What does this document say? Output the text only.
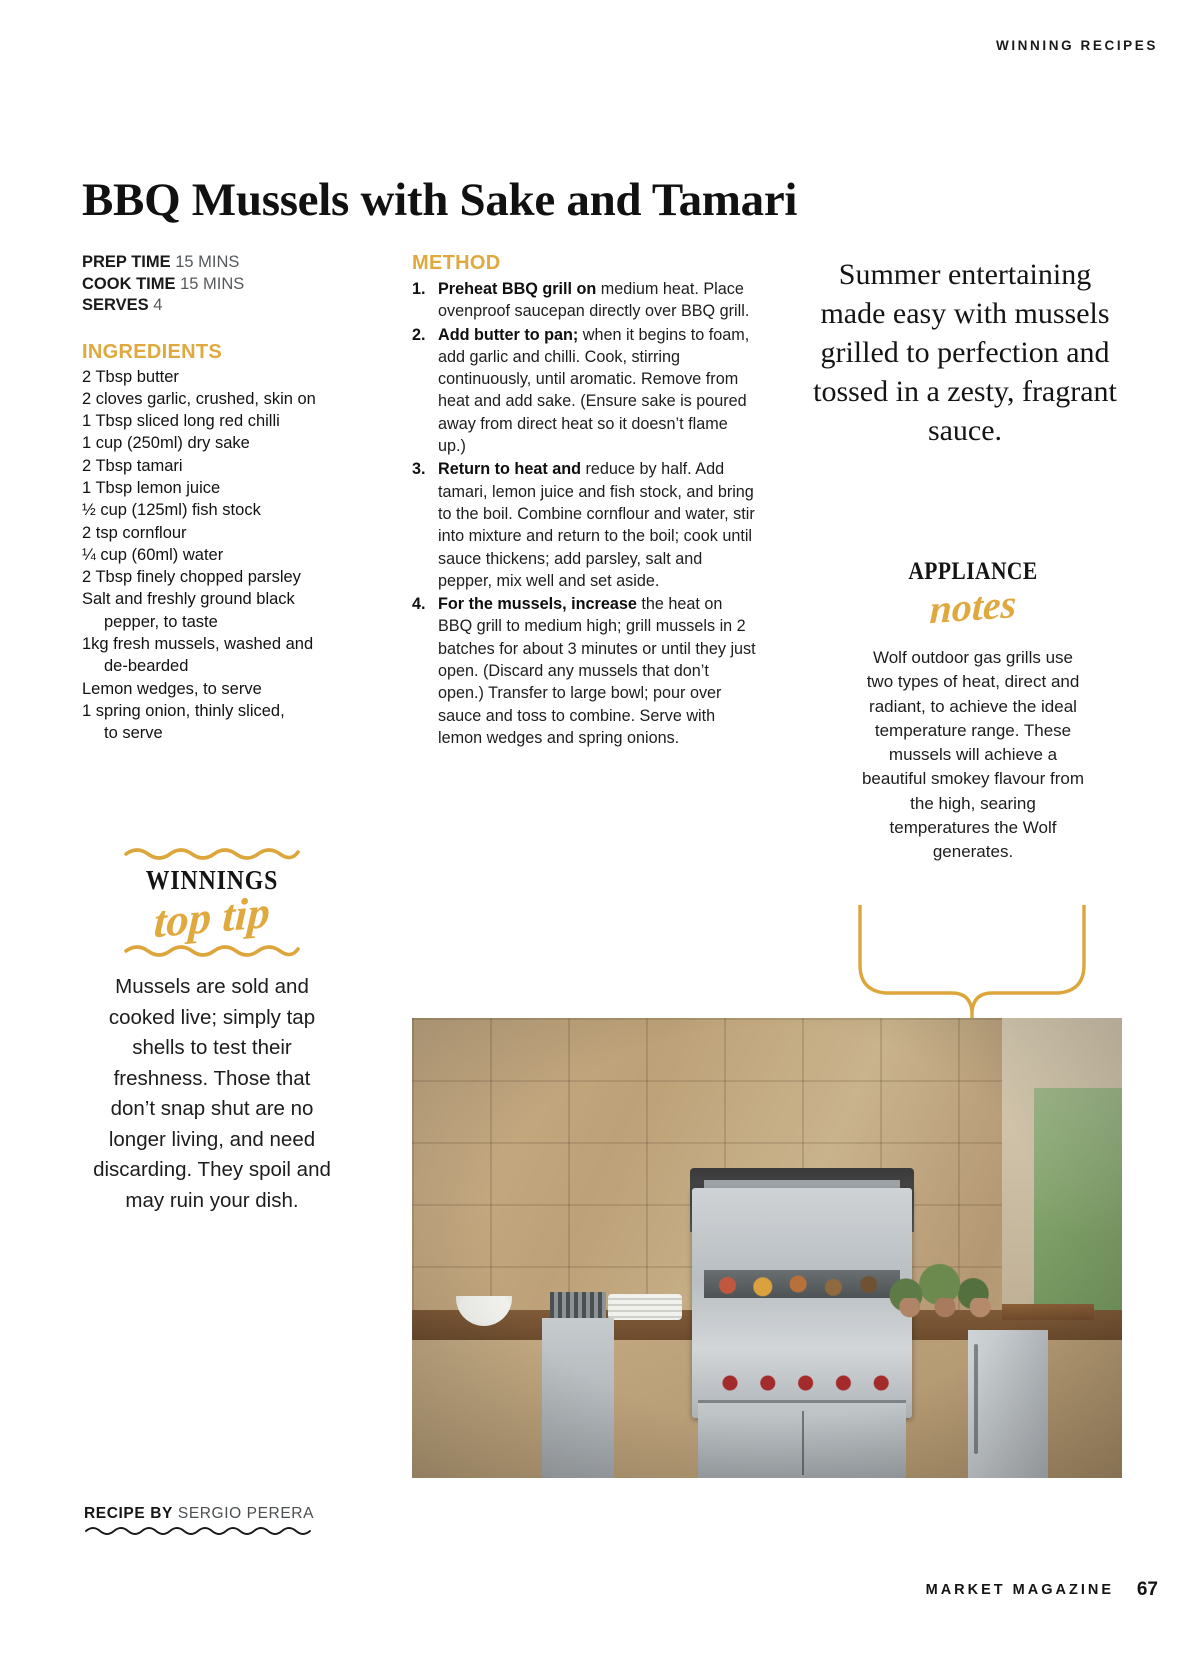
WINNING RECIPES
BBQ Mussels with Sake and Tamari
PREP TIME 15 MINS
COOK TIME 15 MINS
SERVES 4
INGREDIENTS
2 Tbsp butter
2 cloves garlic, crushed, skin on
1 Tbsp sliced long red chilli
1 cup (250ml) dry sake
2 Tbsp tamari
1 Tbsp lemon juice
½ cup (125ml) fish stock
2 tsp cornflour
¼ cup (60ml) water
2 Tbsp finely chopped parsley
Salt and freshly ground black
pepper, to taste
1kg fresh mussels, washed and
de-bearded
Lemon wedges, to serve
1 spring onion, thinly sliced,
to serve
METHOD
1. Preheat BBQ grill on medium heat. Place ovenproof saucepan directly over BBQ grill.
2. Add butter to pan; when it begins to foam, add garlic and chilli. Cook, stirring continuously, until aromatic. Remove from heat and add sake. (Ensure sake is poured away from direct heat so it doesn’t flame up.)
3. Return to heat and reduce by half. Add tamari, lemon juice and fish stock, and bring to the boil. Combine cornflour and water, stir into mixture and return to the boil; cook until sauce thickens; add parsley, salt and pepper, mix well and set aside.
4. For the mussels, increase the heat on BBQ grill to medium high; grill mussels in 2 batches for about 3 minutes or until they just open. (Discard any mussels that don’t open.) Transfer to large bowl; pour over sauce and toss to combine. Serve with lemon wedges and spring onions.
Summer entertaining made easy with mussels grilled to perfection and tossed in a zesty, fragrant sauce.
APPLIANCE
notes
Wolf outdoor gas grills use two types of heat, direct and radiant, to achieve the ideal temperature range. These mussels will achieve a beautiful smokey flavour from the high, searing temperatures the Wolf generates.
WINNINGS
top tip
Mussels are sold and cooked live; simply tap shells to test their freshness. Those that don’t snap shut are no longer living, and need discarding. They spoil and may ruin your dish.
RECIPE BY SERGIO PERERA
MARKET MAGAZINE 67
